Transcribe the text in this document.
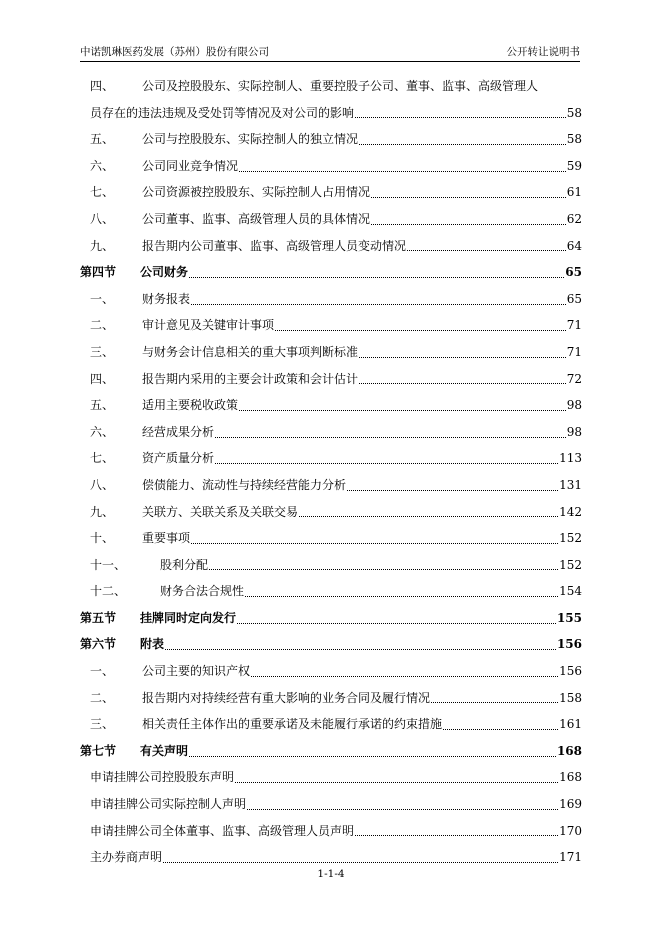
中诺凯琳医药发展（苏州）股份有限公司	公开转让说明书
四、	公司及控股股东、实际控制人、重要控股子公司、董事、监事、高级管理人
员存在的违法违规及受处罚等情况及对公司的影响	58
五、	公司与控股股东、实际控制人的独立情况	58
六、	公司同业竞争情况	59
七、	公司资源被控股股东、实际控制人占用情况	61
八、	公司董事、监事、高级管理人员的具体情况	62
九、	报告期内公司董事、监事、高级管理人员变动情况	64
第四节	公司财务	65
一、	财务报表	65
二、	审计意见及关键审计事项	71
三、	与财务会计信息相关的重大事项判断标准	71
四、	报告期内采用的主要会计政策和会计估计	72
五、	适用主要税收政策	98
六、	经营成果分析	98
七、	资产质量分析	113
八、	偿债能力、流动性与持续经营能力分析	131
九、	关联方、关联关系及关联交易	142
十、	重要事项	152
十一、	股利分配	152
十二、	财务合法合规性	154
第五节	挂牌同时定向发行	155
第六节	附表	156
一、	公司主要的知识产权	156
二、	报告期内对持续经营有重大影响的业务合同及履行情况	158
三、	相关责任主体作出的重要承诺及未能履行承诺的约束措施	161
第七节	有关声明	168
申请挂牌公司控股股东声明	168
申请挂牌公司实际控制人声明	169
申请挂牌公司全体董事、监事、高级管理人员声明	170
主办券商声明	171
1-1-4
